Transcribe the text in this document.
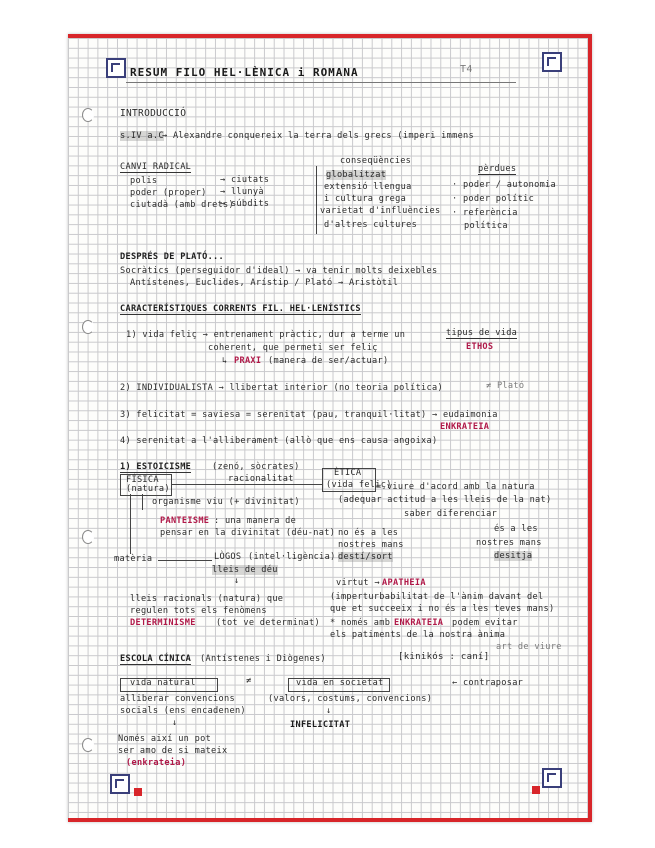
RESUM FILO HEL·LÈNICA i ROMANA	T4
INTRODUCCIÓ
s.IV a.C
→ Alexandre conquereix la terra dels grecs (imperi immens
CANVI RADICAL
polis	→ ciutats
poder (proper) → llunyà
ciutadà (amb drets)
→ súbdits
conseqüències
globalitzat
extensió llengua
i cultura grega
varietat d'influències
d'altres cultures
pèrdues
· poder / autonomia
· poder polític
· referència
política
DESPRÉS DE PLATÓ...
Socràtics (perseguidor d'ideal) → va tenir molts deixebles
Antístenes, Euclides, Arístip / Plató → Aristòtil
CARACTERÍSTIQUES CORRENTS FIL. HEL·LENÍSTICS
1) vida feliç → entrenament pràctic, dur a terme un	tipus de vida
coherent, que permeti ser feliç	ETHOS
↳ PRAXI (manera de ser/actuar)
2) INDIVIDUALISTA → llibertat interior (no teoria política)	≠ Plató
3) felicitat = saviesa = serenitat (pau, tranquil·litat) → eudaimonia
ENKRATEIA
4) serenitat a l'alliberament (allò que ens causa angoixa)
1) ESTOICISME (zenó, sòcrates)
FÍSICA
(natura)
racionalitat
ÈTICA
(vida feliç)
= viure d'acord amb la natura
(adequar actitud a les lleis de la nat)
organisme viu (+ divinitat)
saber diferenciar
PANTEISME : una manera de
pensar en la divinitat (déu-nat) no és a les
nostres mans
destí/sort
és a les
nostres mans
desitja
matèria	LÒGOS (intel·ligència)
lleis de déu
↓	virtut → APATHEIA
(imperturbabilitat de l'ànim davant del
que et succeeix i no és a les teves mans)
* només amb ENKRATEIA podem evitar
els patiments de la nostra ànima
art de viure
lleis racionals (natura) que
regulen tots els fenòmens
DETERMINISME (tot ve determinat)
ESCOLA CÍNICA (Antístenes i Diògenes)	[kinikós : caní]
vida natural	≠	vida en societat	← contraposar
alliberar convencions
socials (ens encadenen)
(valors, costums, convencions)
↓
↓
INFELICITAT
Només així un pot
ser amo de si mateix
(enkrateia)
